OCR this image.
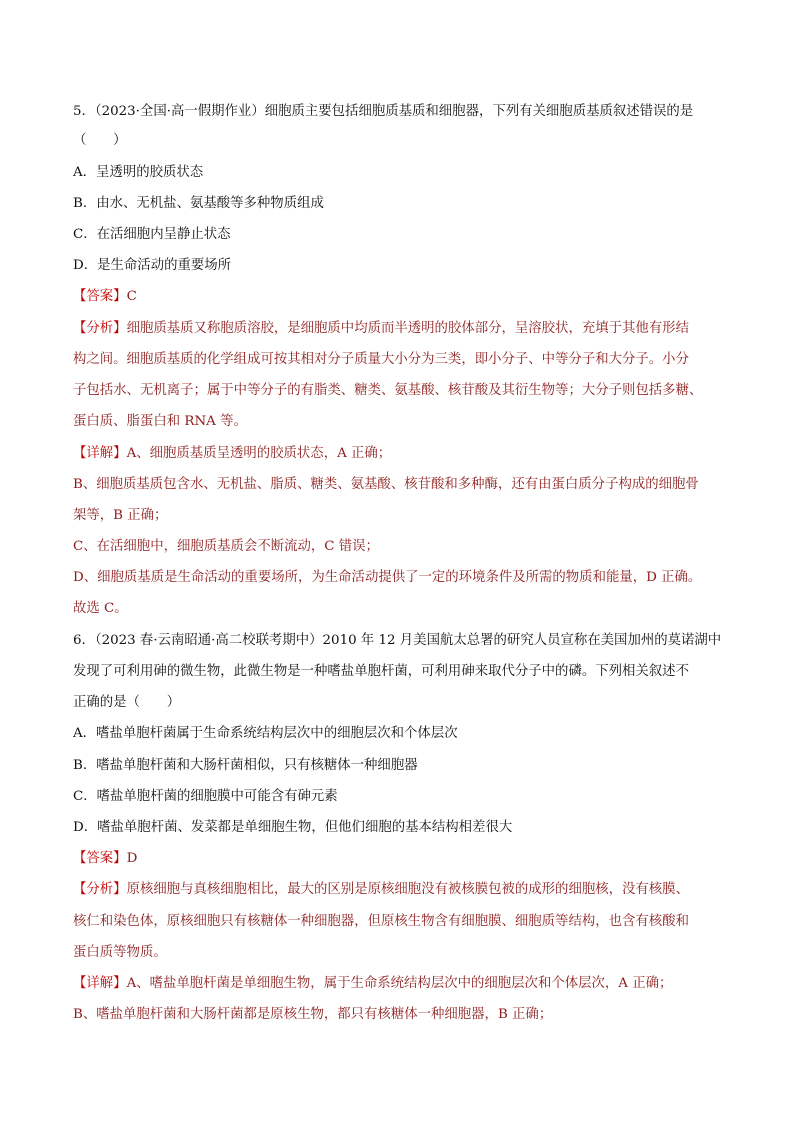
5．（2023·全国·高一假期作业）细胞质主要包括细胞质基质和细胞器，下列有关细胞质基质叙述错误的是
（　　）
A．呈透明的胶质状态
B．由水、无机盐、氨基酸等多种物质组成
C．在活细胞内呈静止状态
D．是生命活动的重要场所
【答案】C
【分析】细胞质基质又称胞质溶胶，是细胞质中均质而半透明的胶体部分，呈溶胶状，充填于其他有形结
构之间。细胞质基质的化学组成可按其相对分子质量大小分为三类，即小分子、中等分子和大分子。小分
子包括水、无机离子；属于中等分子的有脂类、糖类、氨基酸、核苷酸及其衍生物等；大分子则包括多糖、
蛋白质、脂蛋白和 RNA 等。
【详解】A、细胞质基质呈透明的胶质状态，A 正确；
B、细胞质基质包含水、无机盐、脂质、糖类、氨基酸、核苷酸和多种酶，还有由蛋白质分子构成的细胞骨
架等，B 正确；
C、在活细胞中，细胞质基质会不断流动，C 错误；
D、细胞质基质是生命活动的重要场所，为生命活动提供了一定的环境条件及所需的物质和能量，D 正确。
故选 C。
6．（2023 春·云南昭通·高二校联考期中）2010 年 12 月美国航太总署的研究人员宣称在美国加州的莫诺湖中
发现了可利用砷的微生物，此微生物是一种嗜盐单胞杆菌，可利用砷来取代分子中的磷。下列相关叙述不
正确的是（　　）
A．嗜盐单胞杆菌属于生命系统结构层次中的细胞层次和个体层次
B．嗜盐单胞杆菌和大肠杆菌相似，只有核糖体一种细胞器
C．嗜盐单胞杆菌的细胞膜中可能含有砷元素
D．嗜盐单胞杆菌、发菜都是单细胞生物，但他们细胞的基本结构相差很大
【答案】D
【分析】原核细胞与真核细胞相比，最大的区别是原核细胞没有被核膜包被的成形的细胞核，没有核膜、
核仁和染色体，原核细胞只有核糖体一种细胞器，但原核生物含有细胞膜、细胞质等结构，也含有核酸和
蛋白质等物质。
【详解】A、嗜盐单胞杆菌是单细胞生物，属于生命系统结构层次中的细胞层次和个体层次，A 正确；
B、嗜盐单胞杆菌和大肠杆菌都是原核生物，都只有核糖体一种细胞器，B 正确；
